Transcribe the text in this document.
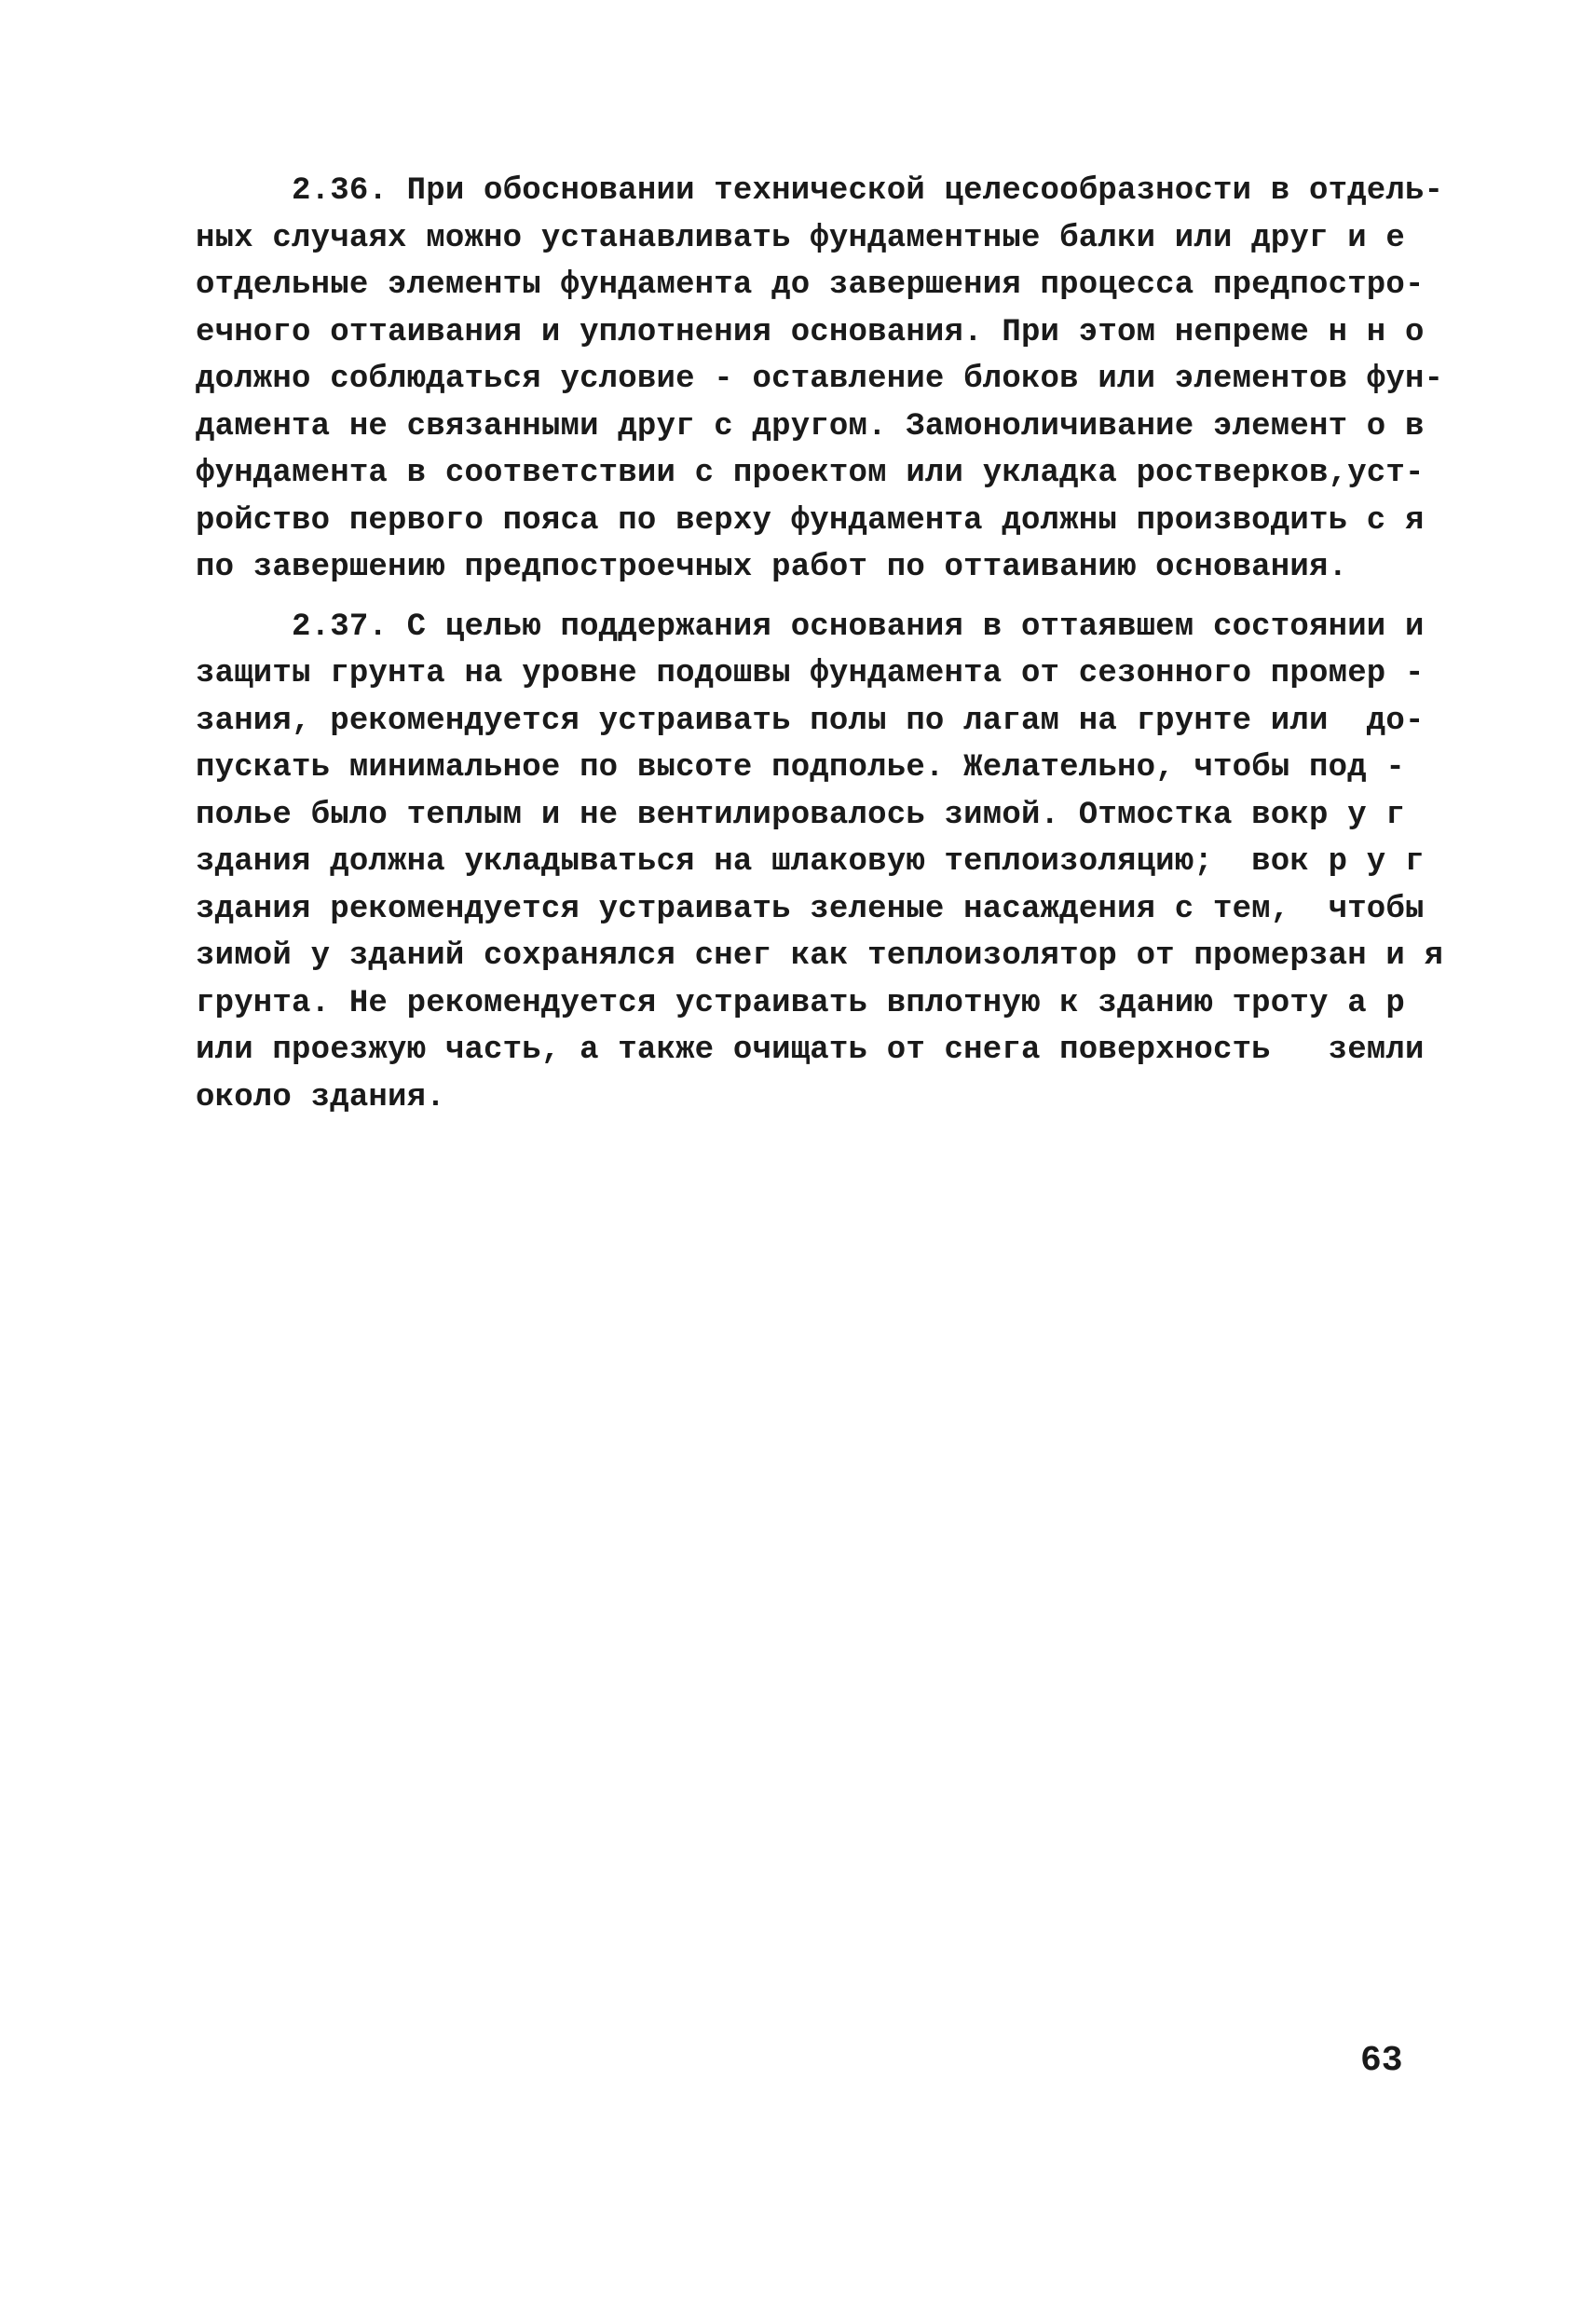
2.36. При обосновании технической целесообразности в отдель-
ных случаях можно устанавливать фундаментные балки или друг и е
отдельные элементы фундамента до завершения процесса предпостро-
ечного оттаивания и уплотнения основания. При этом непреме н н о
должно соблюдаться условие - оставление блоков или элементов фун-
дамента не связанными друг с другом. Замоноличивание элемент о в
фундамента в соответствии с проектом или укладка ростверков,уст-
ройство первого пояса по верху фундамента должны производить с я
по завершению предпостроечных работ по оттаиванию основания.
2.37. С целью поддержания основания в оттаявшем состоянии и
защиты грунта на уровне подошвы фундамента от сезонного промер -
зания, рекомендуется устраивать полы по лагам на грунте или  до-
пускать минимальное по высоте подполье. Желательно, чтобы под -
полье было теплым и не вентилировалось зимой. Отмостка вокр у г
здания должна укладываться на шлаковую теплоизоляцию;  вок р у г
здания рекомендуется устраивать зеленые насаждения с тем,  чтобы
зимой у зданий сохранялся снег как теплоизолятор от промерзан и я
грунта. Не рекомендуется устраивать вплотную к зданию троту а р
или проезжую часть, а также очищать от снега поверхность   земли
около здания.
63
